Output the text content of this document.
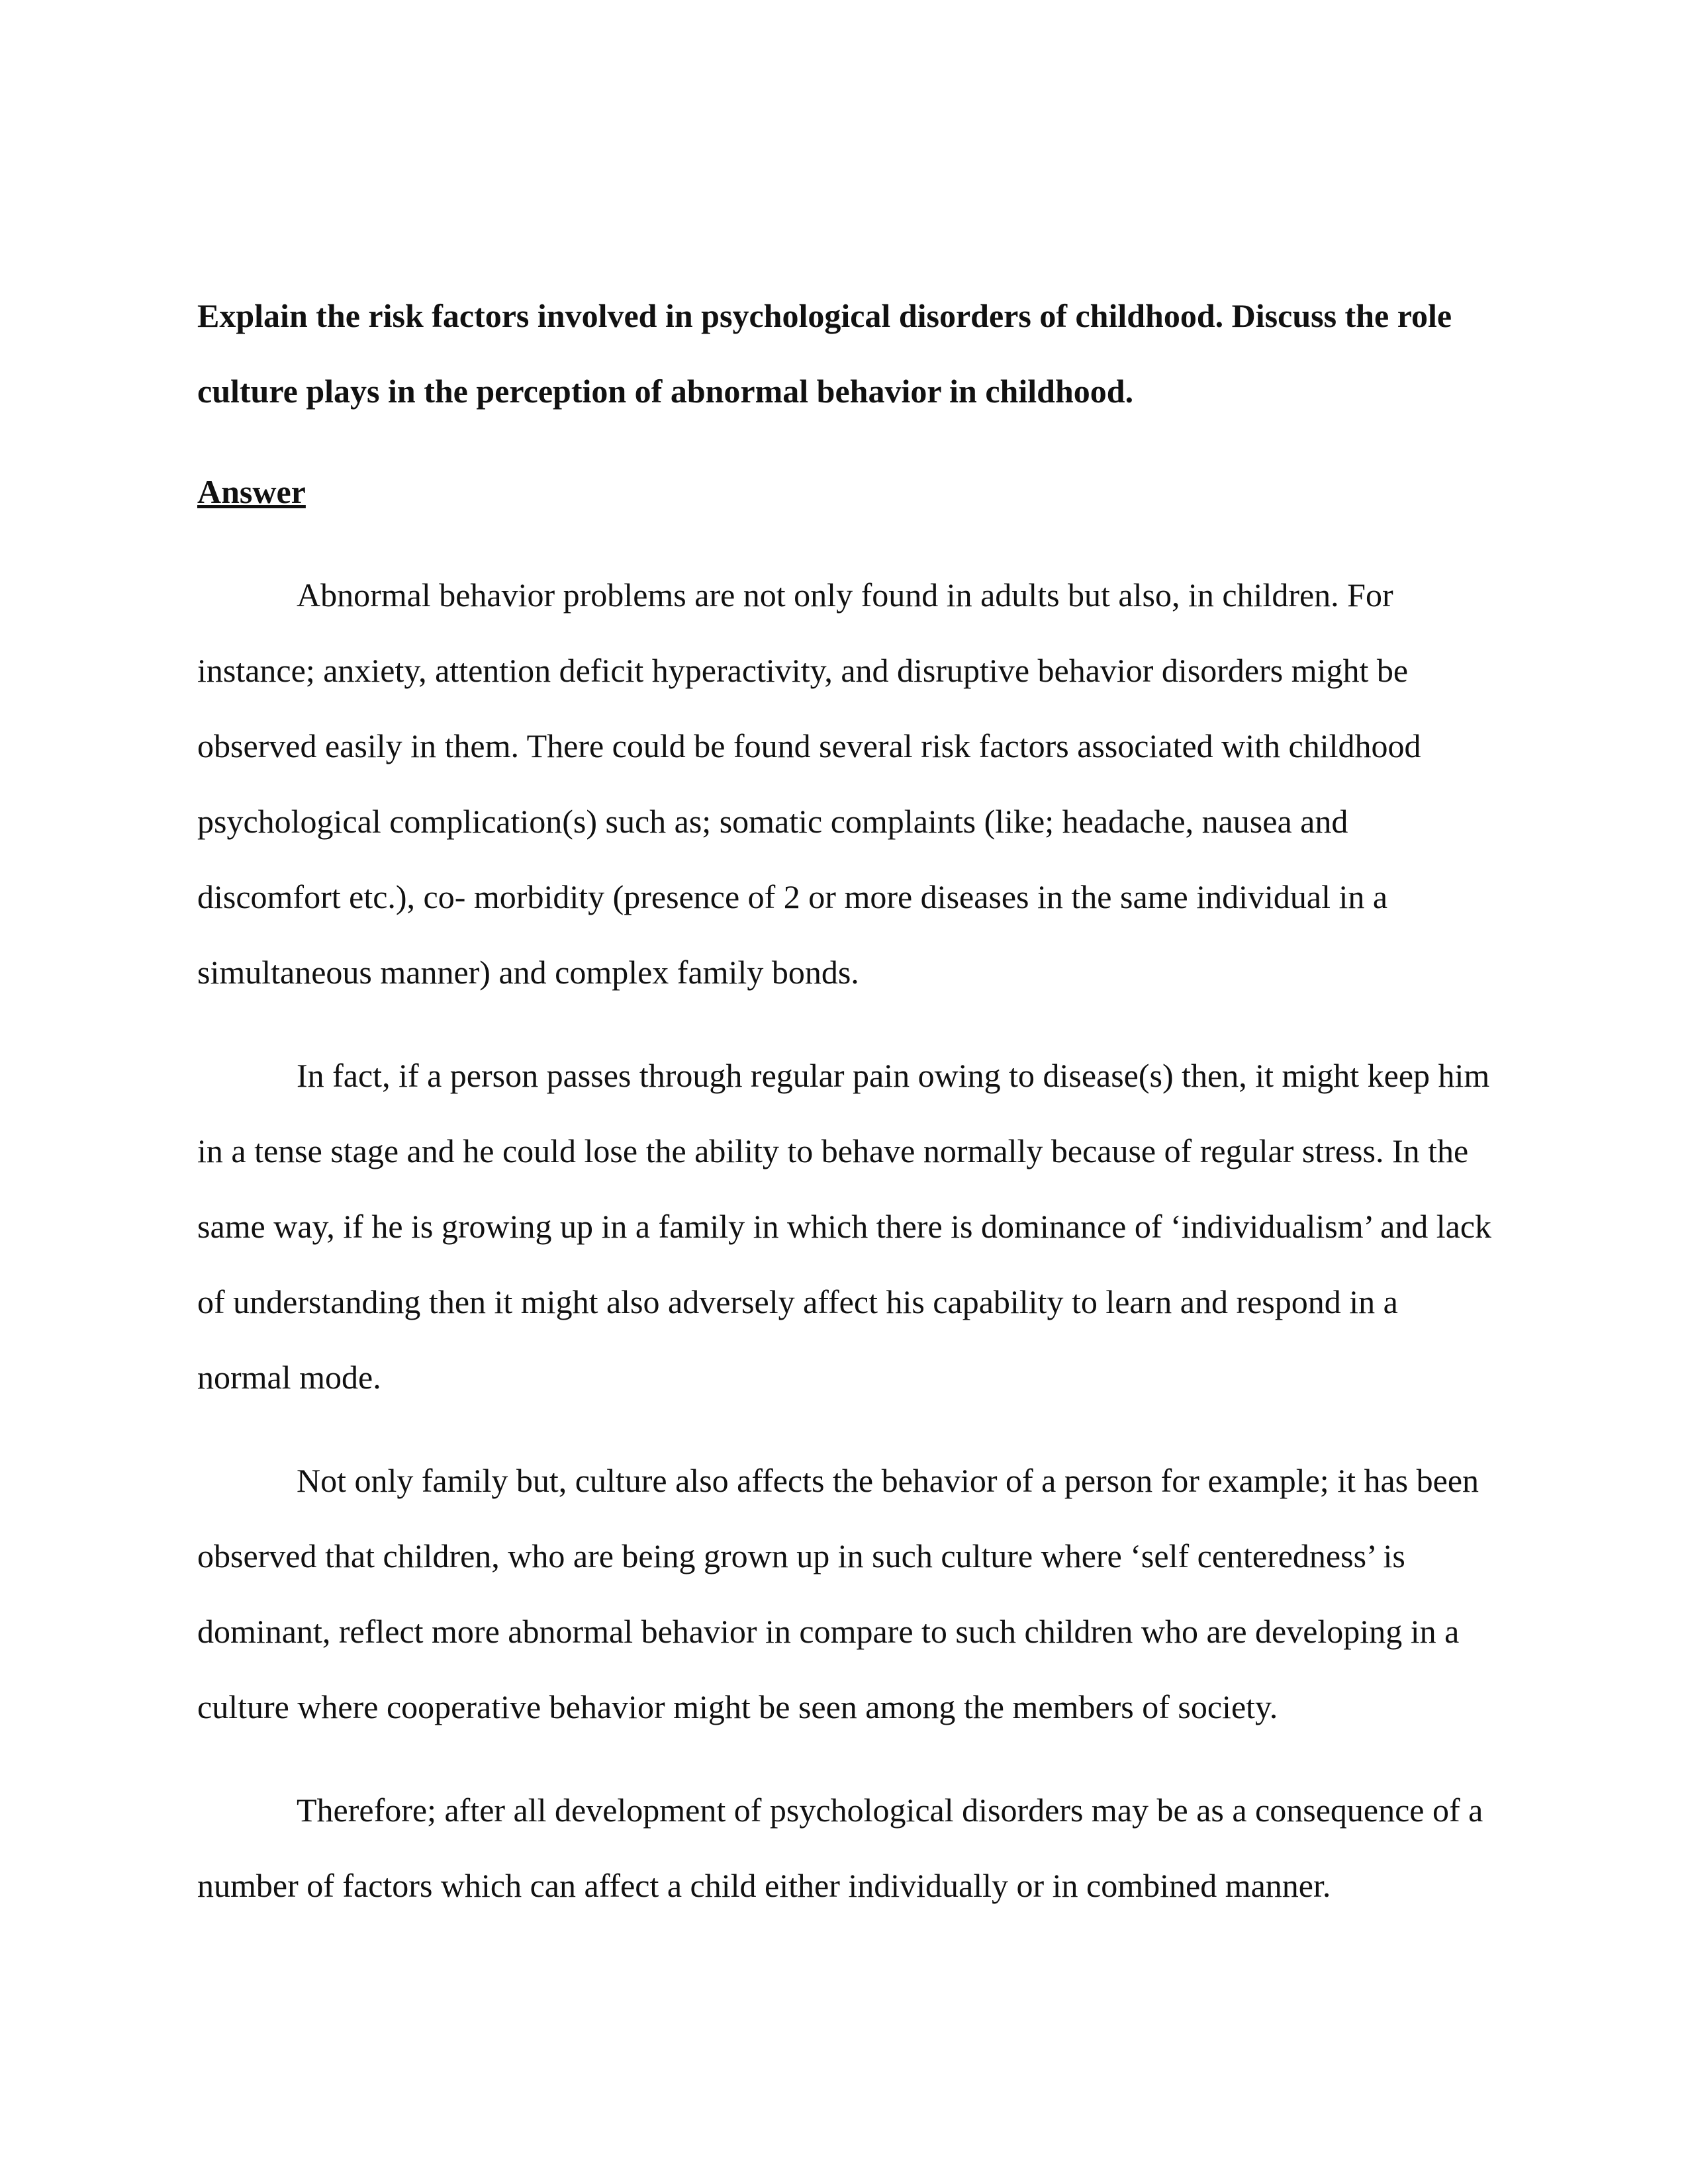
Explain the risk factors involved in psychological disorders of childhood. Discuss the role culture plays in the perception of abnormal behavior in childhood.

Answer

Abnormal behavior problems are not only found in adults but also, in children. For instance; anxiety, attention deficit hyperactivity, and disruptive behavior disorders might be observed easily in them. There could be found several risk factors associated with childhood psychological complication(s) such as; somatic complaints (like; headache, nausea and discomfort etc.), co- morbidity (presence of 2 or more diseases in the same individual in a simultaneous manner) and complex family bonds.

In fact, if a person passes through regular pain owing to disease(s) then, it might keep him in a tense stage and he could lose the ability to behave normally because of regular stress. In the same way, if he is growing up in a family in which there is dominance of ‘individualism’ and lack of understanding then it might also adversely affect his capability to learn and respond in a normal mode.

Not only family but, culture also affects the behavior of a person for example; it has been observed that children, who are being grown up in such culture where ‘self centeredness’ is dominant, reflect more abnormal behavior in compare to such children who are developing in a culture where cooperative behavior might be seen among the members of society.

Therefore; after all development of psychological disorders may be as a consequence of a number of factors which can affect a child either individually or in combined manner.
